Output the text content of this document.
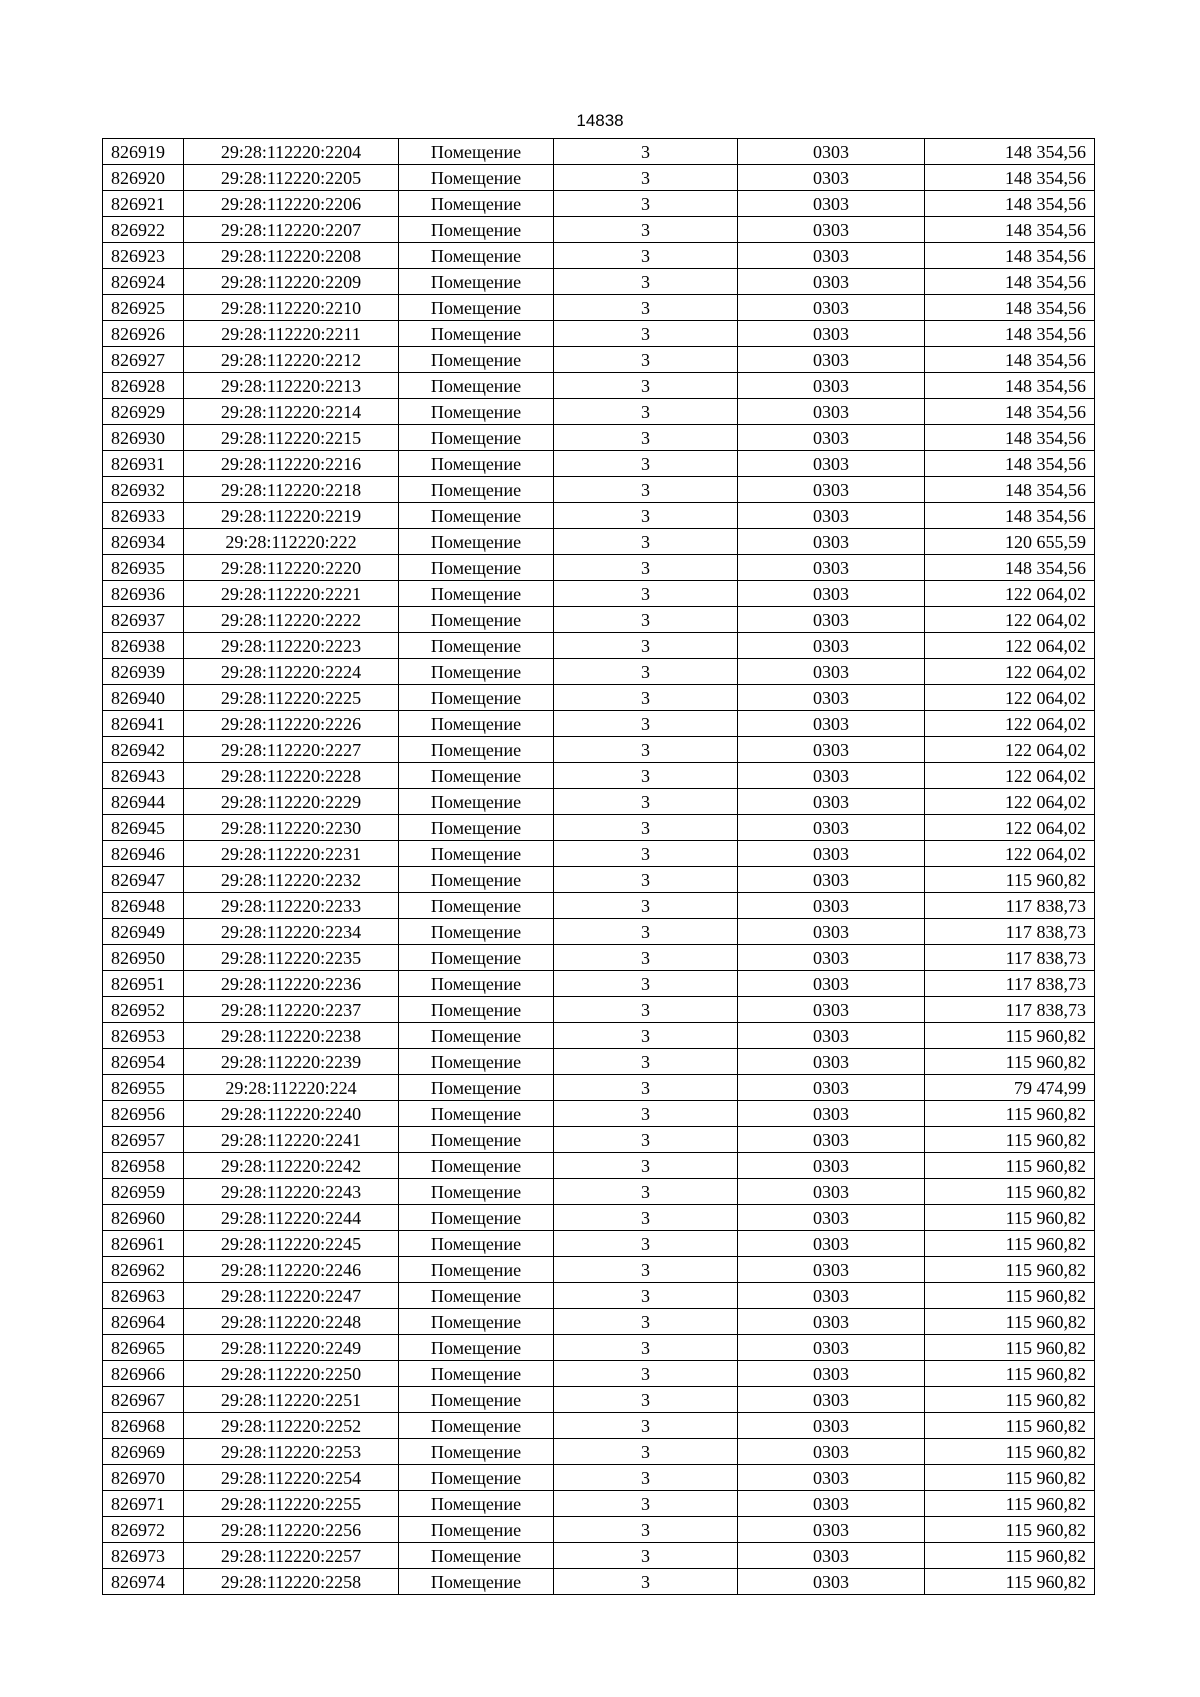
14838
826919	29:28:112220:2204	Помещение	3	0303	148 354,56
826920	29:28:112220:2205	Помещение	3	0303	148 354,56
826921	29:28:112220:2206	Помещение	3	0303	148 354,56
826922	29:28:112220:2207	Помещение	3	0303	148 354,56
826923	29:28:112220:2208	Помещение	3	0303	148 354,56
826924	29:28:112220:2209	Помещение	3	0303	148 354,56
826925	29:28:112220:2210	Помещение	3	0303	148 354,56
826926	29:28:112220:2211	Помещение	3	0303	148 354,56
826927	29:28:112220:2212	Помещение	3	0303	148 354,56
826928	29:28:112220:2213	Помещение	3	0303	148 354,56
826929	29:28:112220:2214	Помещение	3	0303	148 354,56
826930	29:28:112220:2215	Помещение	3	0303	148 354,56
826931	29:28:112220:2216	Помещение	3	0303	148 354,56
826932	29:28:112220:2218	Помещение	3	0303	148 354,56
826933	29:28:112220:2219	Помещение	3	0303	148 354,56
826934	29:28:112220:222	Помещение	3	0303	120 655,59
826935	29:28:112220:2220	Помещение	3	0303	148 354,56
826936	29:28:112220:2221	Помещение	3	0303	122 064,02
826937	29:28:112220:2222	Помещение	3	0303	122 064,02
826938	29:28:112220:2223	Помещение	3	0303	122 064,02
826939	29:28:112220:2224	Помещение	3	0303	122 064,02
826940	29:28:112220:2225	Помещение	3	0303	122 064,02
826941	29:28:112220:2226	Помещение	3	0303	122 064,02
826942	29:28:112220:2227	Помещение	3	0303	122 064,02
826943	29:28:112220:2228	Помещение	3	0303	122 064,02
826944	29:28:112220:2229	Помещение	3	0303	122 064,02
826945	29:28:112220:2230	Помещение	3	0303	122 064,02
826946	29:28:112220:2231	Помещение	3	0303	122 064,02
826947	29:28:112220:2232	Помещение	3	0303	115 960,82
826948	29:28:112220:2233	Помещение	3	0303	117 838,73
826949	29:28:112220:2234	Помещение	3	0303	117 838,73
826950	29:28:112220:2235	Помещение	3	0303	117 838,73
826951	29:28:112220:2236	Помещение	3	0303	117 838,73
826952	29:28:112220:2237	Помещение	3	0303	117 838,73
826953	29:28:112220:2238	Помещение	3	0303	115 960,82
826954	29:28:112220:2239	Помещение	3	0303	115 960,82
826955	29:28:112220:224	Помещение	3	0303	79 474,99
826956	29:28:112220:2240	Помещение	3	0303	115 960,82
826957	29:28:112220:2241	Помещение	3	0303	115 960,82
826958	29:28:112220:2242	Помещение	3	0303	115 960,82
826959	29:28:112220:2243	Помещение	3	0303	115 960,82
826960	29:28:112220:2244	Помещение	3	0303	115 960,82
826961	29:28:112220:2245	Помещение	3	0303	115 960,82
826962	29:28:112220:2246	Помещение	3	0303	115 960,82
826963	29:28:112220:2247	Помещение	3	0303	115 960,82
826964	29:28:112220:2248	Помещение	3	0303	115 960,82
826965	29:28:112220:2249	Помещение	3	0303	115 960,82
826966	29:28:112220:2250	Помещение	3	0303	115 960,82
826967	29:28:112220:2251	Помещение	3	0303	115 960,82
826968	29:28:112220:2252	Помещение	3	0303	115 960,82
826969	29:28:112220:2253	Помещение	3	0303	115 960,82
826970	29:28:112220:2254	Помещение	3	0303	115 960,82
826971	29:28:112220:2255	Помещение	3	0303	115 960,82
826972	29:28:112220:2256	Помещение	3	0303	115 960,82
826973	29:28:112220:2257	Помещение	3	0303	115 960,82
826974	29:28:112220:2258	Помещение	3	0303	115 960,82
